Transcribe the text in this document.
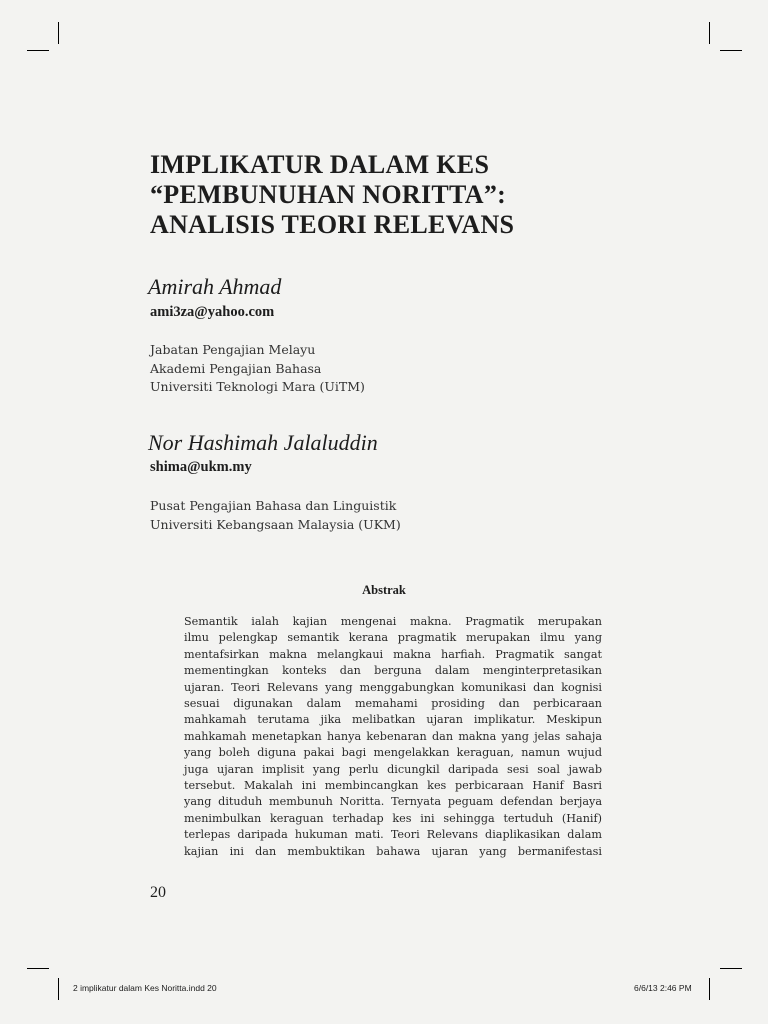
IMPLIKATUR DALAM KES
“PEMBUNUHAN NORITTA”:
ANALISIS TEORI RELEVANS
Amirah Ahmad
ami3za@yahoo.com
Jabatan Pengajian Melayu
Akademi Pengajian Bahasa
Universiti Teknologi Mara (UiTM)
Nor Hashimah Jalaluddin
shima@ukm.my
Pusat Pengajian Bahasa dan Linguistik
Universiti Kebangsaan Malaysia (UKM)
Abstrak
Semantik ialah kajian mengenai makna. Pragmatik merupakan
ilmu pelengkap semantik kerana pragmatik merupakan ilmu yang
mentafsirkan makna melangkaui makna harfiah. Pragmatik sangat
mementingkan konteks dan berguna dalam menginterpretasikan
ujaran. Teori Relevans yang menggabungkan komunikasi dan kognisi
sesuai digunakan dalam memahami prosiding dan perbicaraan
mahkamah terutama jika melibatkan ujaran implikatur. Meskipun
mahkamah menetapkan hanya kebenaran dan makna yang jelas sahaja
yang boleh diguna pakai bagi mengelakkan keraguan, namun wujud
juga ujaran implisit yang perlu dicungkil daripada sesi soal jawab
tersebut. Makalah ini membincangkan kes perbicaraan Hanif Basri
yang dituduh membunuh Noritta. Ternyata peguam defendan berjaya
menimbulkan keraguan terhadap kes ini sehingga tertuduh (Hanif)
terlepas daripada hukuman mati. Teori Relevans diaplikasikan dalam
kajian ini dan membuktikan bahawa ujaran yang bermanifestasi
20
2 implikatur dalam Kes Noritta.indd 20	6/6/13 2:46 PM
